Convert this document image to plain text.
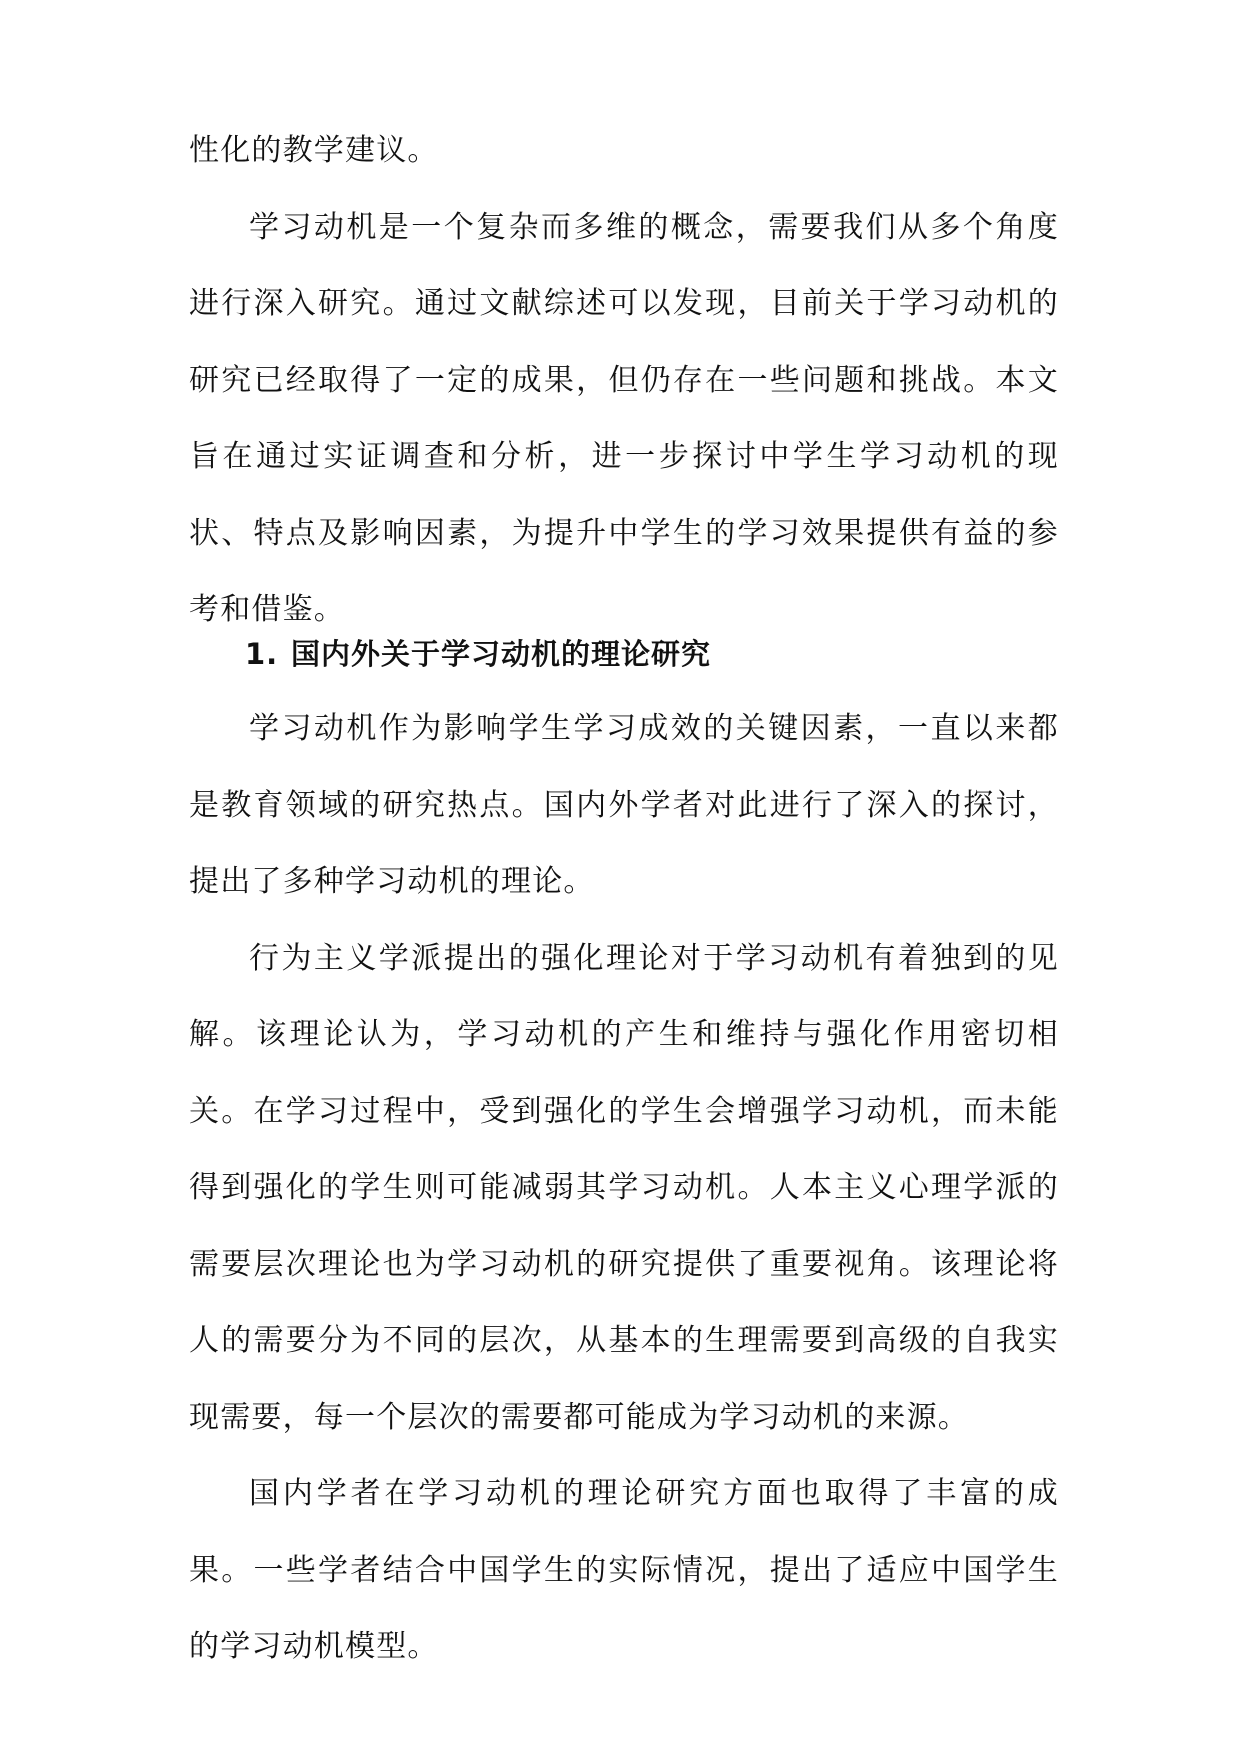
性化的教学建议。

学习动机是一个复杂而多维的概念，需要我们从多个角度进行深入研究。通过文献综述可以发现，目前关于学习动机的研究已经取得了一定的成果，但仍存在一些问题和挑战。本文旨在通过实证调查和分析，进一步探讨中学生学习动机的现状、特点及影响因素，为提升中学生的学习效果提供有益的参考和借鉴。

1. 国内外关于学习动机的理论研究

学习动机作为影响学生学习成效的关键因素，一直以来都是教育领域的研究热点。国内外学者对此进行了深入的探讨，提出了多种学习动机的理论。

行为主义学派提出的强化理论对于学习动机有着独到的见解。该理论认为，学习动机的产生和维持与强化作用密切相关。在学习过程中，受到强化的学生会增强学习动机，而未能得到强化的学生则可能减弱其学习动机。人本主义心理学派的需要层次理论也为学习动机的研究提供了重要视角。该理论将人的需要分为不同的层次，从基本的生理需要到高级的自我实现需要，每一个层次的需要都可能成为学习动机的来源。

国内学者在学习动机的理论研究方面也取得了丰富的成果。一些学者结合中国学生的实际情况，提出了适应中国学生的学习动机模型。
